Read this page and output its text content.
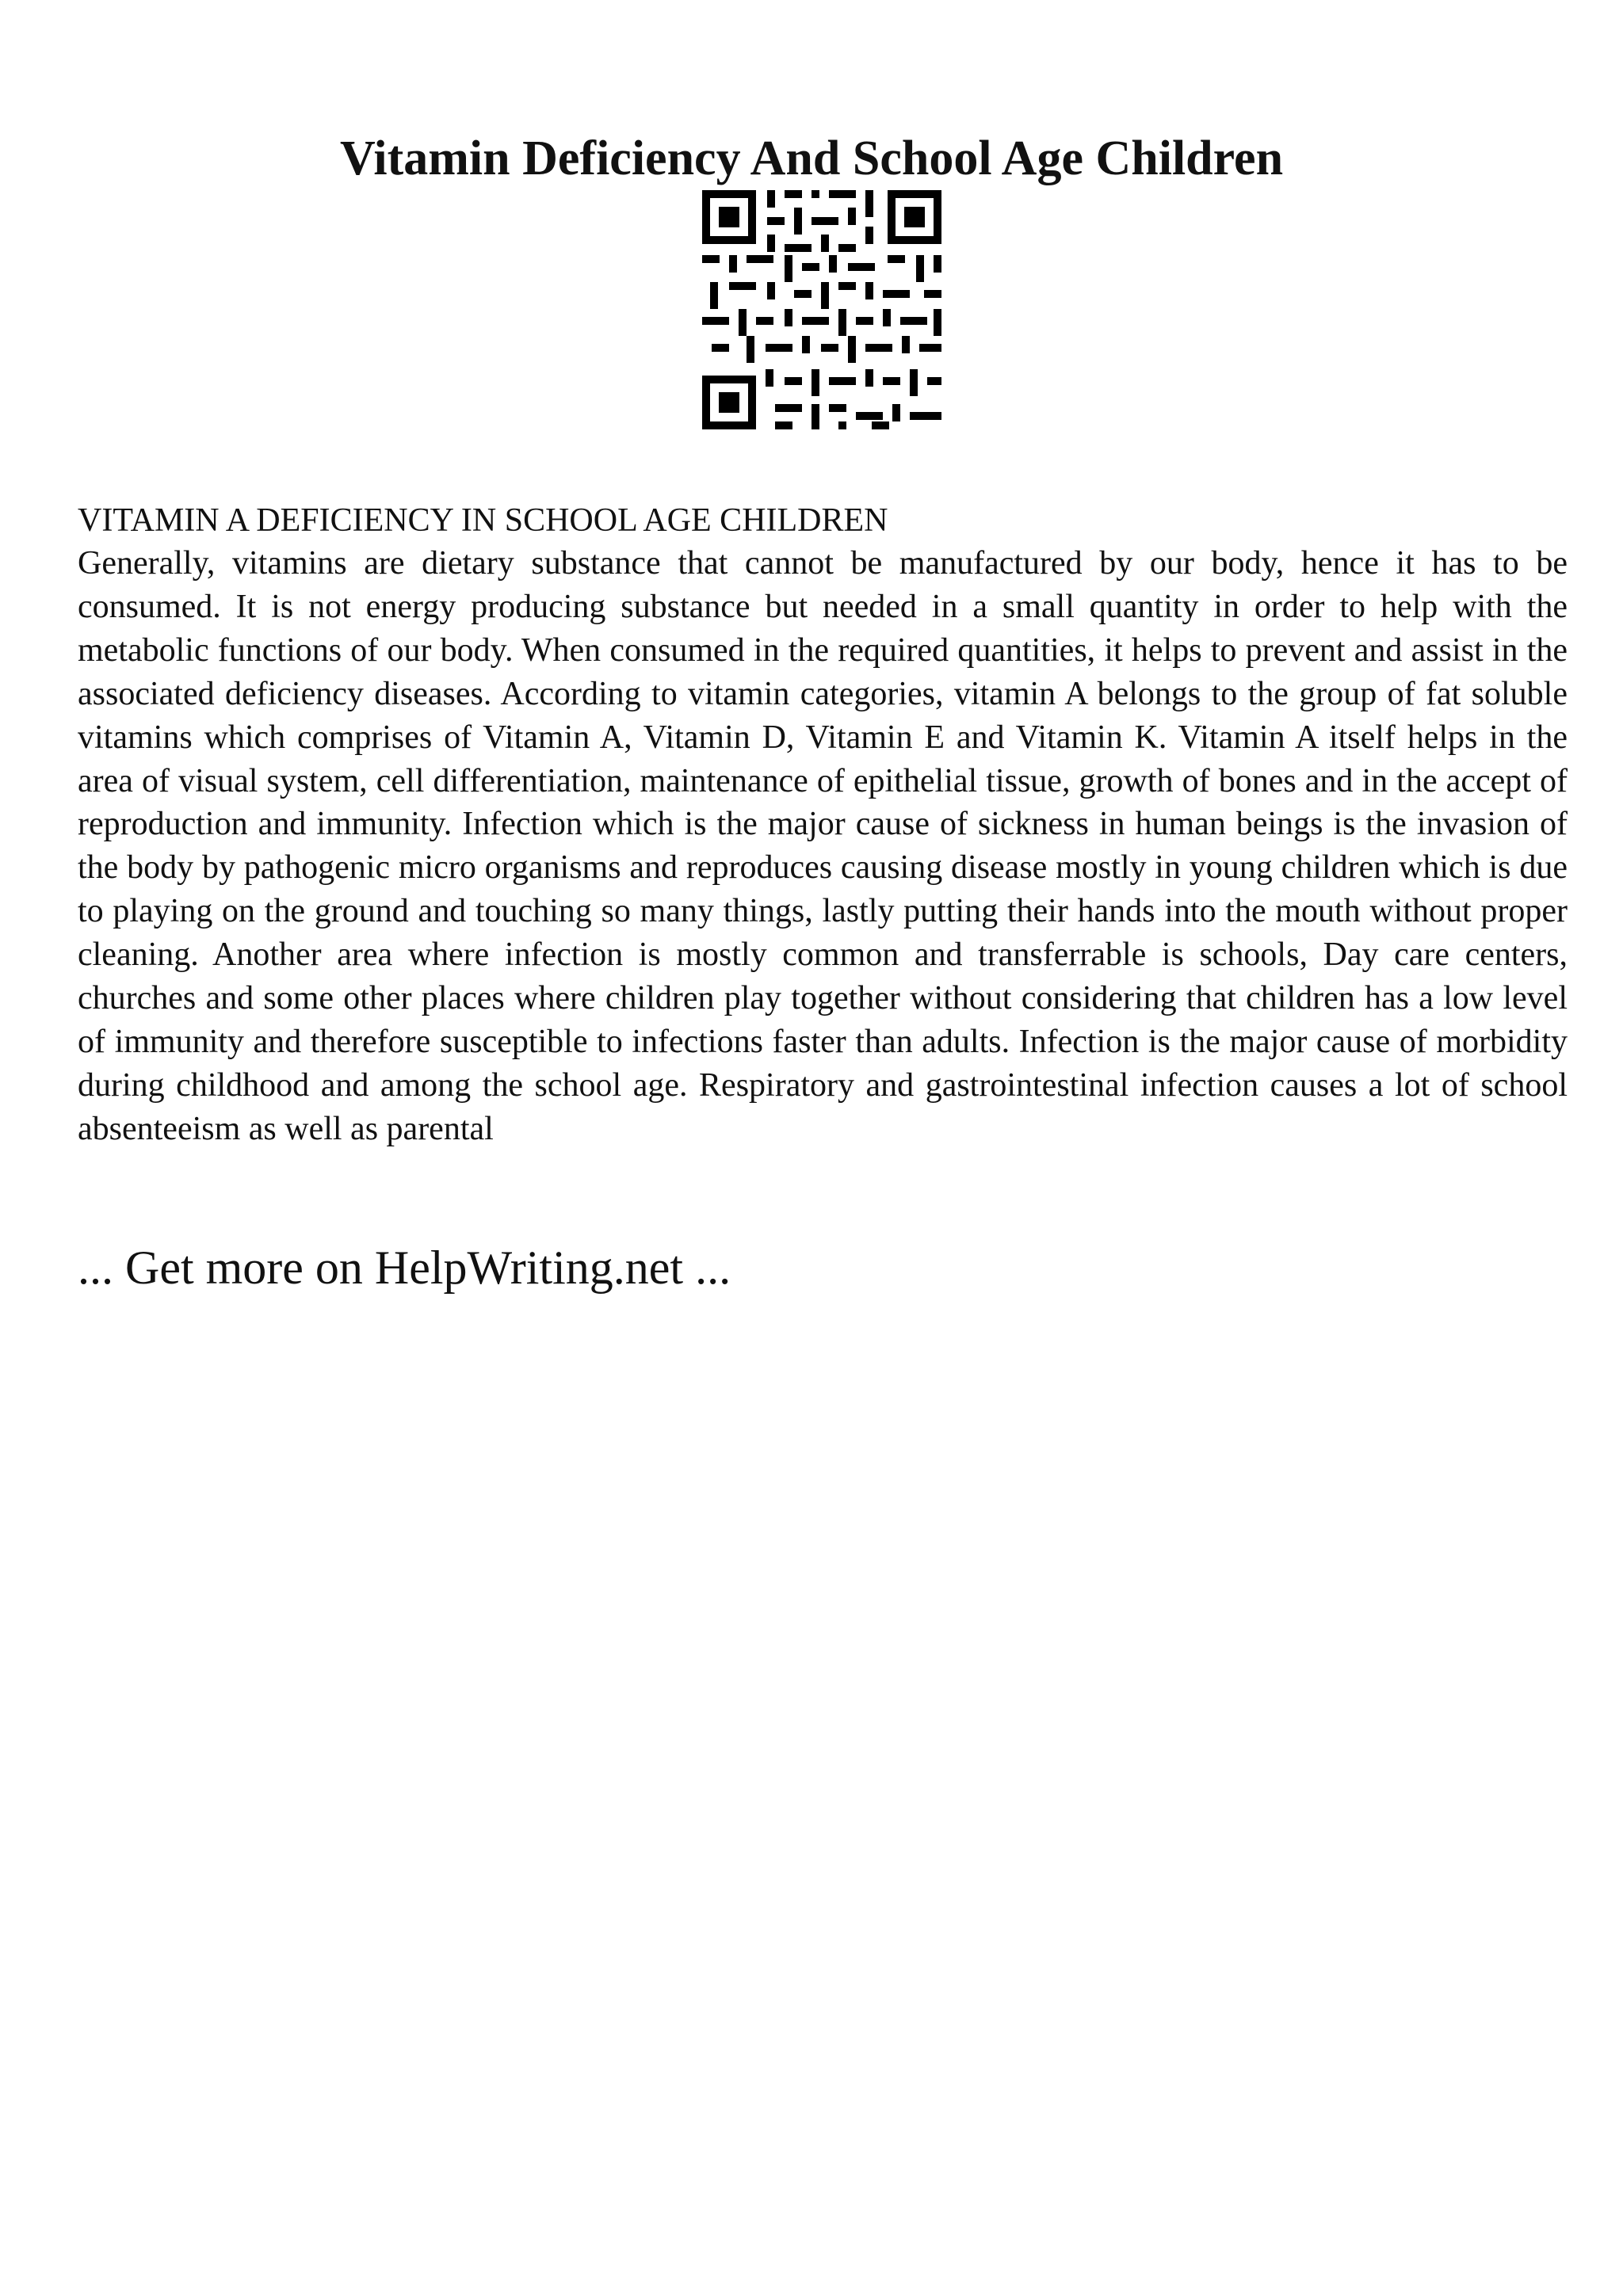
Vitamin Deficiency And School Age Children
VITAMIN A DEFICIENCY IN SCHOOL AGE CHILDREN

Generally, vitamins are dietary substance that cannot be manufactured by our body, hence it has to be consumed. It is not energy producing substance but needed in a small quantity in order to help with the metabolic functions of our body. When consumed in the required quantities, it helps to prevent and assist in the associated deficiency diseases. According to vitamin categories, vitamin A belongs to the group of fat soluble vitamins which comprises of Vitamin A, Vitamin D, Vitamin E and Vitamin K. Vitamin A itself helps in the area of visual system, cell differentiation, maintenance of epithelial tissue, growth of bones and in the accept of reproduction and immunity. Infection which is the major cause of sickness in human beings is the invasion of the body by pathogenic micro organisms and reproduces causing disease mostly in young children which is due to playing on the ground and touching so many things, lastly putting their hands into the mouth without proper cleaning. Another area where infection is mostly common and transferrable is schools, Day care centers, churches and some other places where children play together without considering that children has a low level of immunity and therefore susceptible to infections faster than adults. Infection is the major cause of morbidity during childhood and among the school age. Respiratory and gastrointestinal infection causes a lot of school absenteeism as well as parental

... Get more on HelpWriting.net ...
